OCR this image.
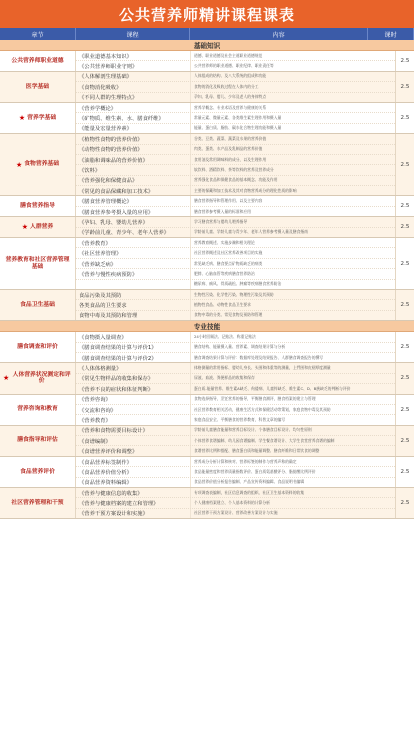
公共营养师精讲课程课表
章节	课程	内容	课时
基础知识
公共营养师职业道德
《职业道德基本知识》	道德、职业道德及社会主道职业道德规范
《公共营养师职业守则》	公共营养师的职业道德、职业纪律、职业责任等
2.5
医学基础
《人体解剖生理基础》	人体组成的结构、及八大系统的组成和功能
《食物消化吸收》	食物的消化及吸收过程在人体内的分工
《不同人群的生理特点》	孕妇、乳母、婴儿、少年及老人的身体特点
2.5
★ 营养学基础
《营养学概论》	营养学概念、专业术语及营养与健康的关系
《矿物质、维生素、水、膳食纤维》	常量元素、微量元素、各类维生素生理作用和摄入量
《能量及宏量营养素》	能量、蛋白质、脂肪、碳水化合物生理功能和摄入量
2.5
★ 食物营养基础
《植物性食物的营养价值》	谷类、豆类、蔬菜、蔬菜及水果的营养价值
《动物性食物的营养价值》	肉类、蛋类、水产品及乳制品的营养价值
《油脂和调味品的营养价值》	食用油及常用调味料的成分，以及生理作用
《饮料》	软饮料、酒精饮料、茶等饮料的营养及营养成分
《营养强化和保健食品》	营养强化食品和保健食品的基本概念、功能及作用
《常见的食品保藏和加工技术》	主要的保藏和加工技术及其对食物营养成分的理化性质的影响
2.5
膳食营养指导
《膳食营养管理概论》	膳食营养指导和管理作用、以及主要内容
《膳食营养参考摄入量的应用》	膳食营养参考摄入量的标准和应用
2.5
★ 人群营养
《孕妇、乳母、婴幼儿营养》	学习膳食营养与婴幼儿喂养指导
《学龄前儿童、青少年、老年人营养》	学龄前儿童、学龄儿童与青少年、老年人营养参考摄入量及膳食指南
2.5
营养教育和社区营养管理基础
《营养教育》	营养教育概述、实施步骤和相关理论
《社区营养管理》	社区营养概述及社区营养改善项目的实施
《营养缺乏病》	常见缺乏病、膳食要点矿物质缺乏的病类
《营养与慢性疾病预防》	肥胖、心脑血管等疾病膳食营养防治
糖尿病、痛风、骨质疏松、肿瘤等疾病膳食营养防治
2.5
食品卫生基础
食品污染及其预防	生物性污染、化学性污染、物理性污染及其预防
各类食品的卫生要求	植物性食品、动物性食品卫生要求
食物中毒及其预防和管理	食物中毒的分类、常见食物及预防和管理
2.5
专业技能
膳食调查和评价
《食物摄入量调查》	24小时回顾法、记账法、称重记账法
《膳食调查结果的计算与评价1》	膳食结构、能量摄入量、营养素、调查结果计算与分析
《膳食调查结果的计算与评价2》	膳食调查结果计算与评价：数据库处理及结果报告、人群膳食调查报告的撰写
2.5
★ 人体营养状况测定和评价
《人体体格测量》	体格测量的常用指标、婴幼儿身长、头围和体重等的测量，上臂围和皮褶厚度测量
《常见生物样品的收集和保存》	尿液、血液、粪便样品的收集和保存
《营养不良的症状和体征判断》	蛋白质-能量营养、维生素A缺乏、佝偻病、儿童锌缺乏、维生素C、D、B族缺乏的判断与评价
2.5
营养咨询和教育
《营养咨询》	食物选择指导，烹饪营养的指导，平衡膳食测评，膳食档案的建立与管理
《交流和咨询》	社区营养教育相关活动，健康生活方式和保健活动等策划，家庭食物中毒及其预防
《营养教育》	家庭食品安全、平衡膳食的营养教育，科普文章的编写
2.5
膳食指导和评估
《营养和食物需要目标设计》	学龄前儿童膳食能量和营养目标设计、个体膳食目标设计、均匀性原则
《食谱编制》	个体营养食谱编制、幼儿园食谱编制、学生餐食谱设计、大学生食堂营养食谱的编制
《食谱营养评价和调整》	食谱营养比例和搭配、膳食蛋白质和能量调整、膳食纤维和日常饮食的调整
2.5
食品营养评价
《食品营养标签制作》	营养成分分析计算和核对、营养标签的制作与营养声称的确定
《食品营养价值分析》	食品能量密度和营养质量指数评价、蛋白质氨基酸评分、脂肪酸比例评价
《食品营养资料编辑》	食品营养价值分析报告编制、产品宣传资料编辑、食品说明书编辑
2.5
社区营养管理和干预
《营养与健康信息的收集》	专项调查表编制，社区信息调查的组织、社区卫生基本资料的收集
《营养与健康档案的建立和管理》	个人健康档案建立、个人基本资料的计算分析
《营养干预方案设计和实施》	社区营养干预方案设计、营养改善方案设计与实施
2.5
